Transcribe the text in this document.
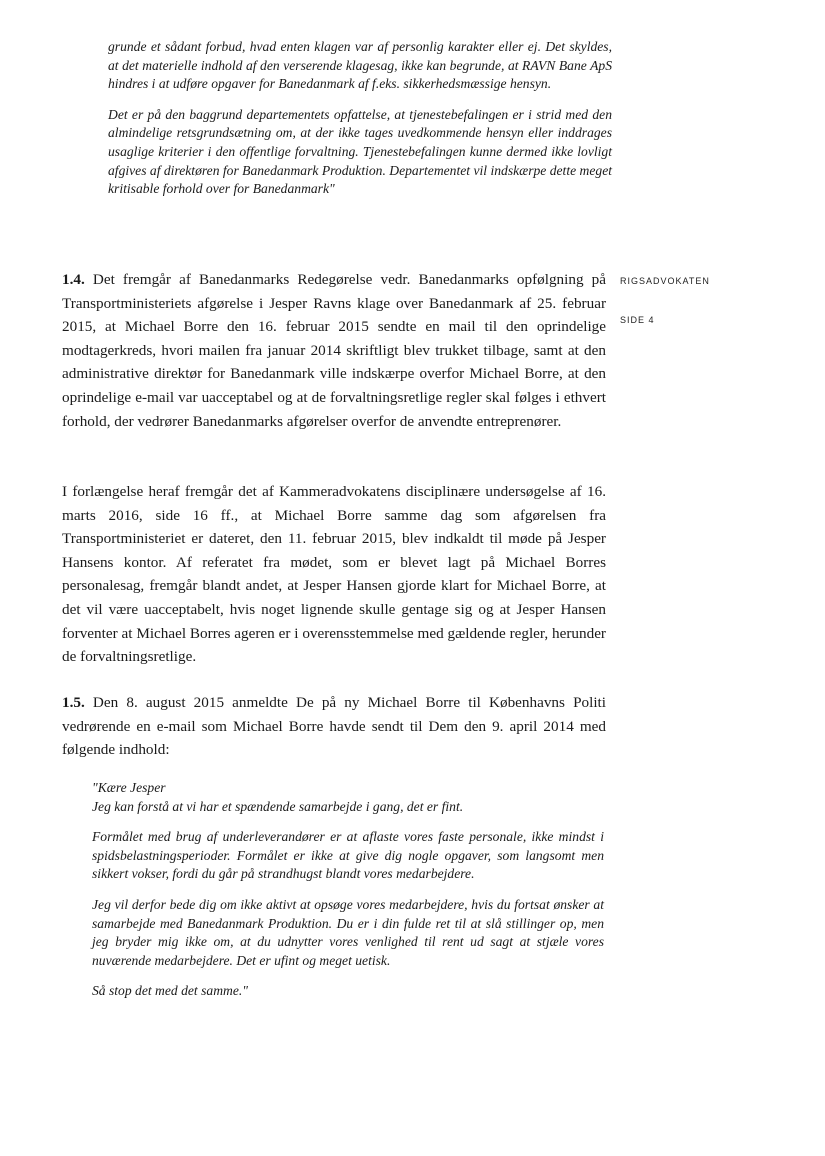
grunde et sådant forbud, hvad enten klagen var af personlig karakter eller ej. Det skyldes, at det materielle indhold af den verserende klagesag, ikke kan begrunde, at RAVN Bane ApS hindres i at udføre opgaver for Banedanmark af f.eks. sikkerhedsmæssige hensyn.

Det er på den baggrund departementets opfattelse, at tjenestebefalingen er i strid med den almindelige retsgrundsætning om, at der ikke tages uvedkommende hensyn eller inddrages usaglige kriterier i den offentlige forvaltning. Tjenestebefalingen kunne dermed ikke lovligt afgives af direktøren for Banedanmark Produktion. Departementet vil indskærpe dette meget kritisable forhold over for Banedanmark"

RIGSADVOKATEN
SIDE 4

1.4. Det fremgår af Banedanmarks Redegørelse vedr. Banedanmarks opfølgning på Transportministeriets afgørelse i Jesper Ravns klage over Banedanmark af 25. februar 2015, at Michael Borre den 16. februar 2015 sendte en mail til den oprindelige modtagerkreds, hvori mailen fra januar 2014 skriftligt blev trukket tilbage, samt at den administrative direktør for Banedanmark ville indskærpe overfor Michael Borre, at den oprindelige e-mail var uacceptabel og at de forvaltningsretlige regler skal følges i ethvert forhold, der vedrører Banedanmarks afgørelser overfor de anvendte entreprenører.

I forlængelse heraf fremgår det af Kammeradvokatens disciplinære undersøgelse af 16. marts 2016, side 16 ff., at Michael Borre samme dag som afgørelsen fra Transportministeriet er dateret, den 11. februar 2015, blev indkaldt til møde på Jesper Hansens kontor. Af referatet fra mødet, som er blevet lagt på Michael Borres personalesag, fremgår blandt andet, at Jesper Hansen gjorde klart for Michael Borre, at det vil være uacceptabelt, hvis noget lignende skulle gentage sig og at Jesper Hansen forventer at Michael Borres ageren er i overensstemmelse med gældende regler, herunder de forvaltningsretlige.

1.5. Den 8. august 2015 anmeldte De på ny Michael Borre til Københavns Politi vedrørende en e-mail som Michael Borre havde sendt til Dem den 9. april 2014 med følgende indhold:

"Kære Jesper
Jeg kan forstå at vi har et spændende samarbejde i gang, det er fint.

Formålet med brug af underleverandører er at aflaste vores faste personale, ikke mindst i spidsbelastningsperioder. Formålet er ikke at give dig nogle opgaver, som langsomt men sikkert vokser, fordi du går på strandhugst blandt vores medarbejdere.

Jeg vil derfor bede dig om ikke aktivt at opsøge vores medarbejdere, hvis du fortsat ønsker at samarbejde med Banedanmark Produktion. Du er i din fulde ret til at slå stillinger op, men jeg bryder mig ikke om, at du udnytter vores venlighed til rent ud sagt at stjæle vores nuværende medarbejdere. Det er ufint og meget uetisk.

Så stop det med det samme."
